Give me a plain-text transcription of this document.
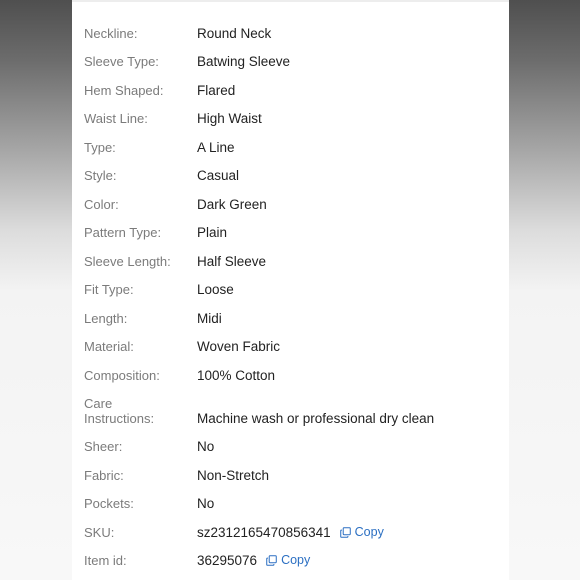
Neckline:	Round Neck
Sleeve Type:	Batwing Sleeve
Hem Shaped:	Flared
Waist Line:	High Waist
Type:	A Line
Style:	Casual
Color:	Dark Green
Pattern Type:	Plain
Sleeve Length:	Half Sleeve
Fit Type:	Loose
Length:	Midi
Material:	Woven Fabric
Composition:	100% Cotton
Care
Instructions:	Machine wash or professional dry clean
Sheer:	No
Fabric:	Non-Stretch
Pockets:	No
SKU:	sz2312165470856341 Copy
Item id:	36295076 Copy
